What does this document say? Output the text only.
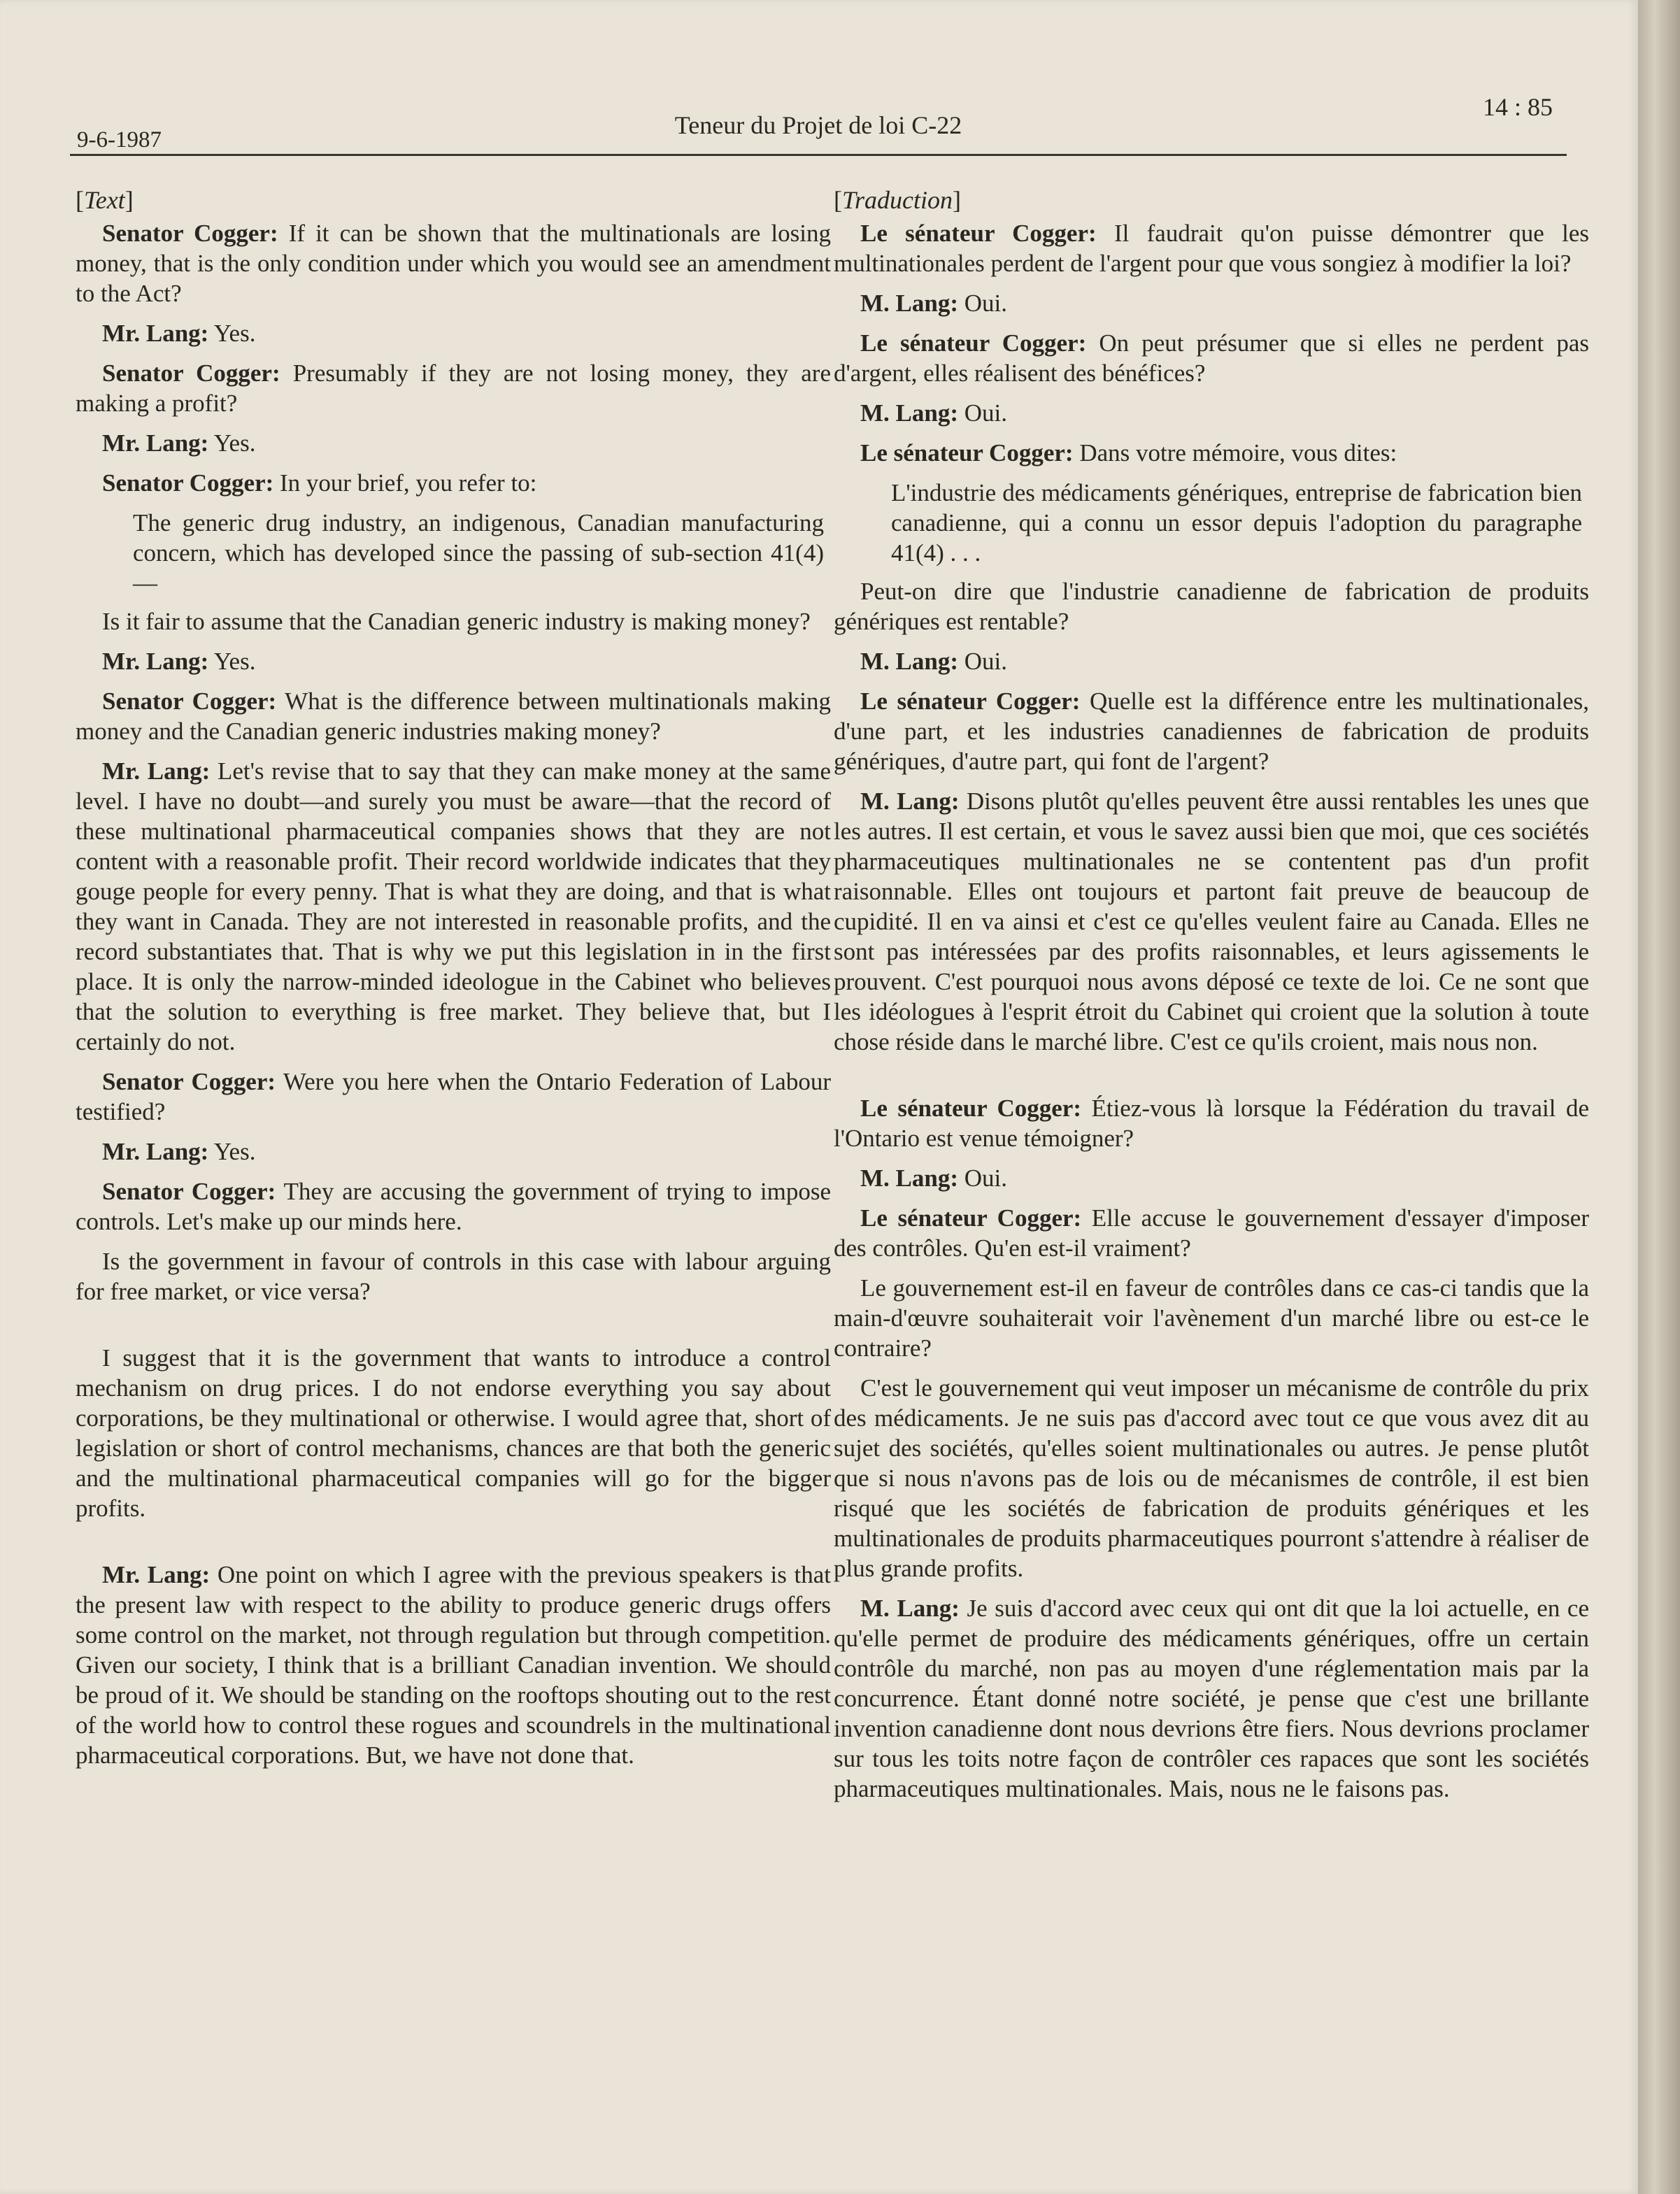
9-6-1987
Teneur du Projet de loi C-22
14 : 85
[Text]

Senator Cogger: If it can be shown that the multinationals are losing money, that is the only condition under which you would see an amendment to the Act?

Mr. Lang: Yes.

Senator Cogger: Presumably if they are not losing money, they are making a profit?

Mr. Lang: Yes.

Senator Cogger: In your brief, you refer to:

The generic drug industry, an indigenous, Canadian manufacturing concern, which has developed since the passing of sub-section 41(4)—

Is it fair to assume that the Canadian generic industry is making money?

Mr. Lang: Yes.

Senator Cogger: What is the difference between multinationals making money and the Canadian generic industries making money?

Mr. Lang: Let's revise that to say that they can make money at the same level. I have no doubt—and surely you must be aware—that the record of these multinational pharmaceutical companies shows that they are not content with a reasonable profit. Their record worldwide indicates that they gouge people for every penny. That is what they are doing, and that is what they want in Canada. They are not interested in reasonable profits, and the record substantiates that. That is why we put this legislation in in the first place. It is only the narrow-minded ideologue in the Cabinet who believes that the solution to everything is free market. They believe that, but I certainly do not.

Senator Cogger: Were you here when the Ontario Federation of Labour testified?

Mr. Lang: Yes.

Senator Cogger: They are accusing the government of trying to impose controls. Let's make up our minds here.

Is the government in favour of controls in this case with labour arguing for free market, or vice versa?

I suggest that it is the government that wants to introduce a control mechanism on drug prices. I do not endorse everything you say about corporations, be they multinational or otherwise. I would agree that, short of legislation or short of control mechanisms, chances are that both the generic and the multinational pharmaceutical companies will go for the bigger profits.

Mr. Lang: One point on which I agree with the previous speakers is that the present law with respect to the ability to produce generic drugs offers some control on the market, not through regulation but through competition. Given our society, I think that is a brilliant Canadian invention. We should be proud of it. We should be standing on the rooftops shouting out to the rest of the world how to control these rogues and scoundrels in the multinational pharmaceutical corporations. But, we have not done that.

[Traduction]

Le sénateur Cogger: Il faudrait qu'on puisse démontrer que les multinationales perdent de l'argent pour que vous songiez à modifier la loi?

M. Lang: Oui.

Le sénateur Cogger: On peut présumer que si elles ne perdent pas d'argent, elles réalisent des bénéfices?

M. Lang: Oui.

Le sénateur Cogger: Dans votre mémoire, vous dites:

L'industrie des médicaments génériques, entreprise de fabrication bien canadienne, qui a connu un essor depuis l'adoption du paragraphe 41(4) . . .

Peut-on dire que l'industrie canadienne de fabrication de produits génériques est rentable?

M. Lang: Oui.

Le sénateur Cogger: Quelle est la différence entre les multinationales, d'une part, et les industries canadiennes de fabrication de produits génériques, d'autre part, qui font de l'argent?

M. Lang: Disons plutôt qu'elles peuvent être aussi rentables les unes que les autres. Il est certain, et vous le savez aussi bien que moi, que ces sociétés pharmaceutiques multinationales ne se contentent pas d'un profit raisonnable. Elles ont toujours et partont fait preuve de beaucoup de cupidité. Il en va ainsi et c'est ce qu'elles veulent faire au Canada. Elles ne sont pas intéressées par des profits raisonnables, et leurs agissements le prouvent. C'est pourquoi nous avons déposé ce texte de loi. Ce ne sont que les idéologues à l'esprit étroit du Cabinet qui croient que la solution à toute chose réside dans le marché libre. C'est ce qu'ils croient, mais nous non.

Le sénateur Cogger: Étiez-vous là lorsque la Fédération du travail de l'Ontario est venue témoigner?

M. Lang: Oui.

Le sénateur Cogger: Elle accuse le gouvernement d'essayer d'imposer des contrôles. Qu'en est-il vraiment?

Le gouvernement est-il en faveur de contrôles dans ce cas-ci tandis que la main-d'œuvre souhaiterait voir l'avènement d'un marché libre ou est-ce le contraire?

C'est le gouvernement qui veut imposer un mécanisme de contrôle du prix des médicaments. Je ne suis pas d'accord avec tout ce que vous avez dit au sujet des sociétés, qu'elles soient multinationales ou autres. Je pense plutôt que si nous n'avons pas de lois ou de mécanismes de contrôle, il est bien risqué que les sociétés de fabrication de produits génériques et les multinationales de produits pharmaceutiques pourront s'attendre à réaliser de plus grande profits.

M. Lang: Je suis d'accord avec ceux qui ont dit que la loi actuelle, en ce qu'elle permet de produire des médicaments génériques, offre un certain contrôle du marché, non pas au moyen d'une réglementation mais par la concurrence. Étant donné notre société, je pense que c'est une brillante invention canadienne dont nous devrions être fiers. Nous devrions proclamer sur tous les toits notre façon de contrôler ces rapaces que sont les sociétés pharmaceutiques multinationales. Mais, nous ne le faisons pas.
